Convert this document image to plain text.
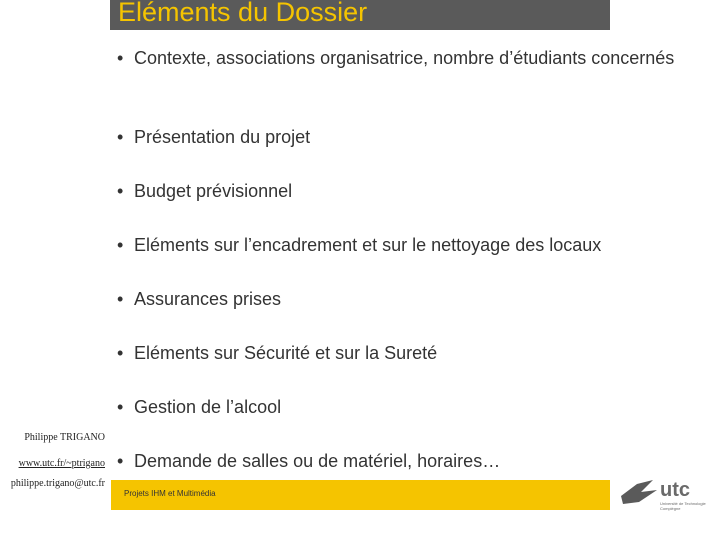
Eléments du Dossier
• Contexte, associations organisatrice, nombre d’étudiants concernés
• Présentation du projet
• Budget prévisionnel
• Eléments sur l’encadrement et sur le nettoyage des locaux
• Assurances prises
• Eléments sur Sécurité et sur la Sureté
• Gestion de l’alcool
• Demande de salles ou de matériel, horaires…
Philippe TRIGANO
www.utc.fr/~ptrigano
philippe.trigano@utc.fr
Projets IHM et Multimédia	utc
Université de Technologie
Compiègne
